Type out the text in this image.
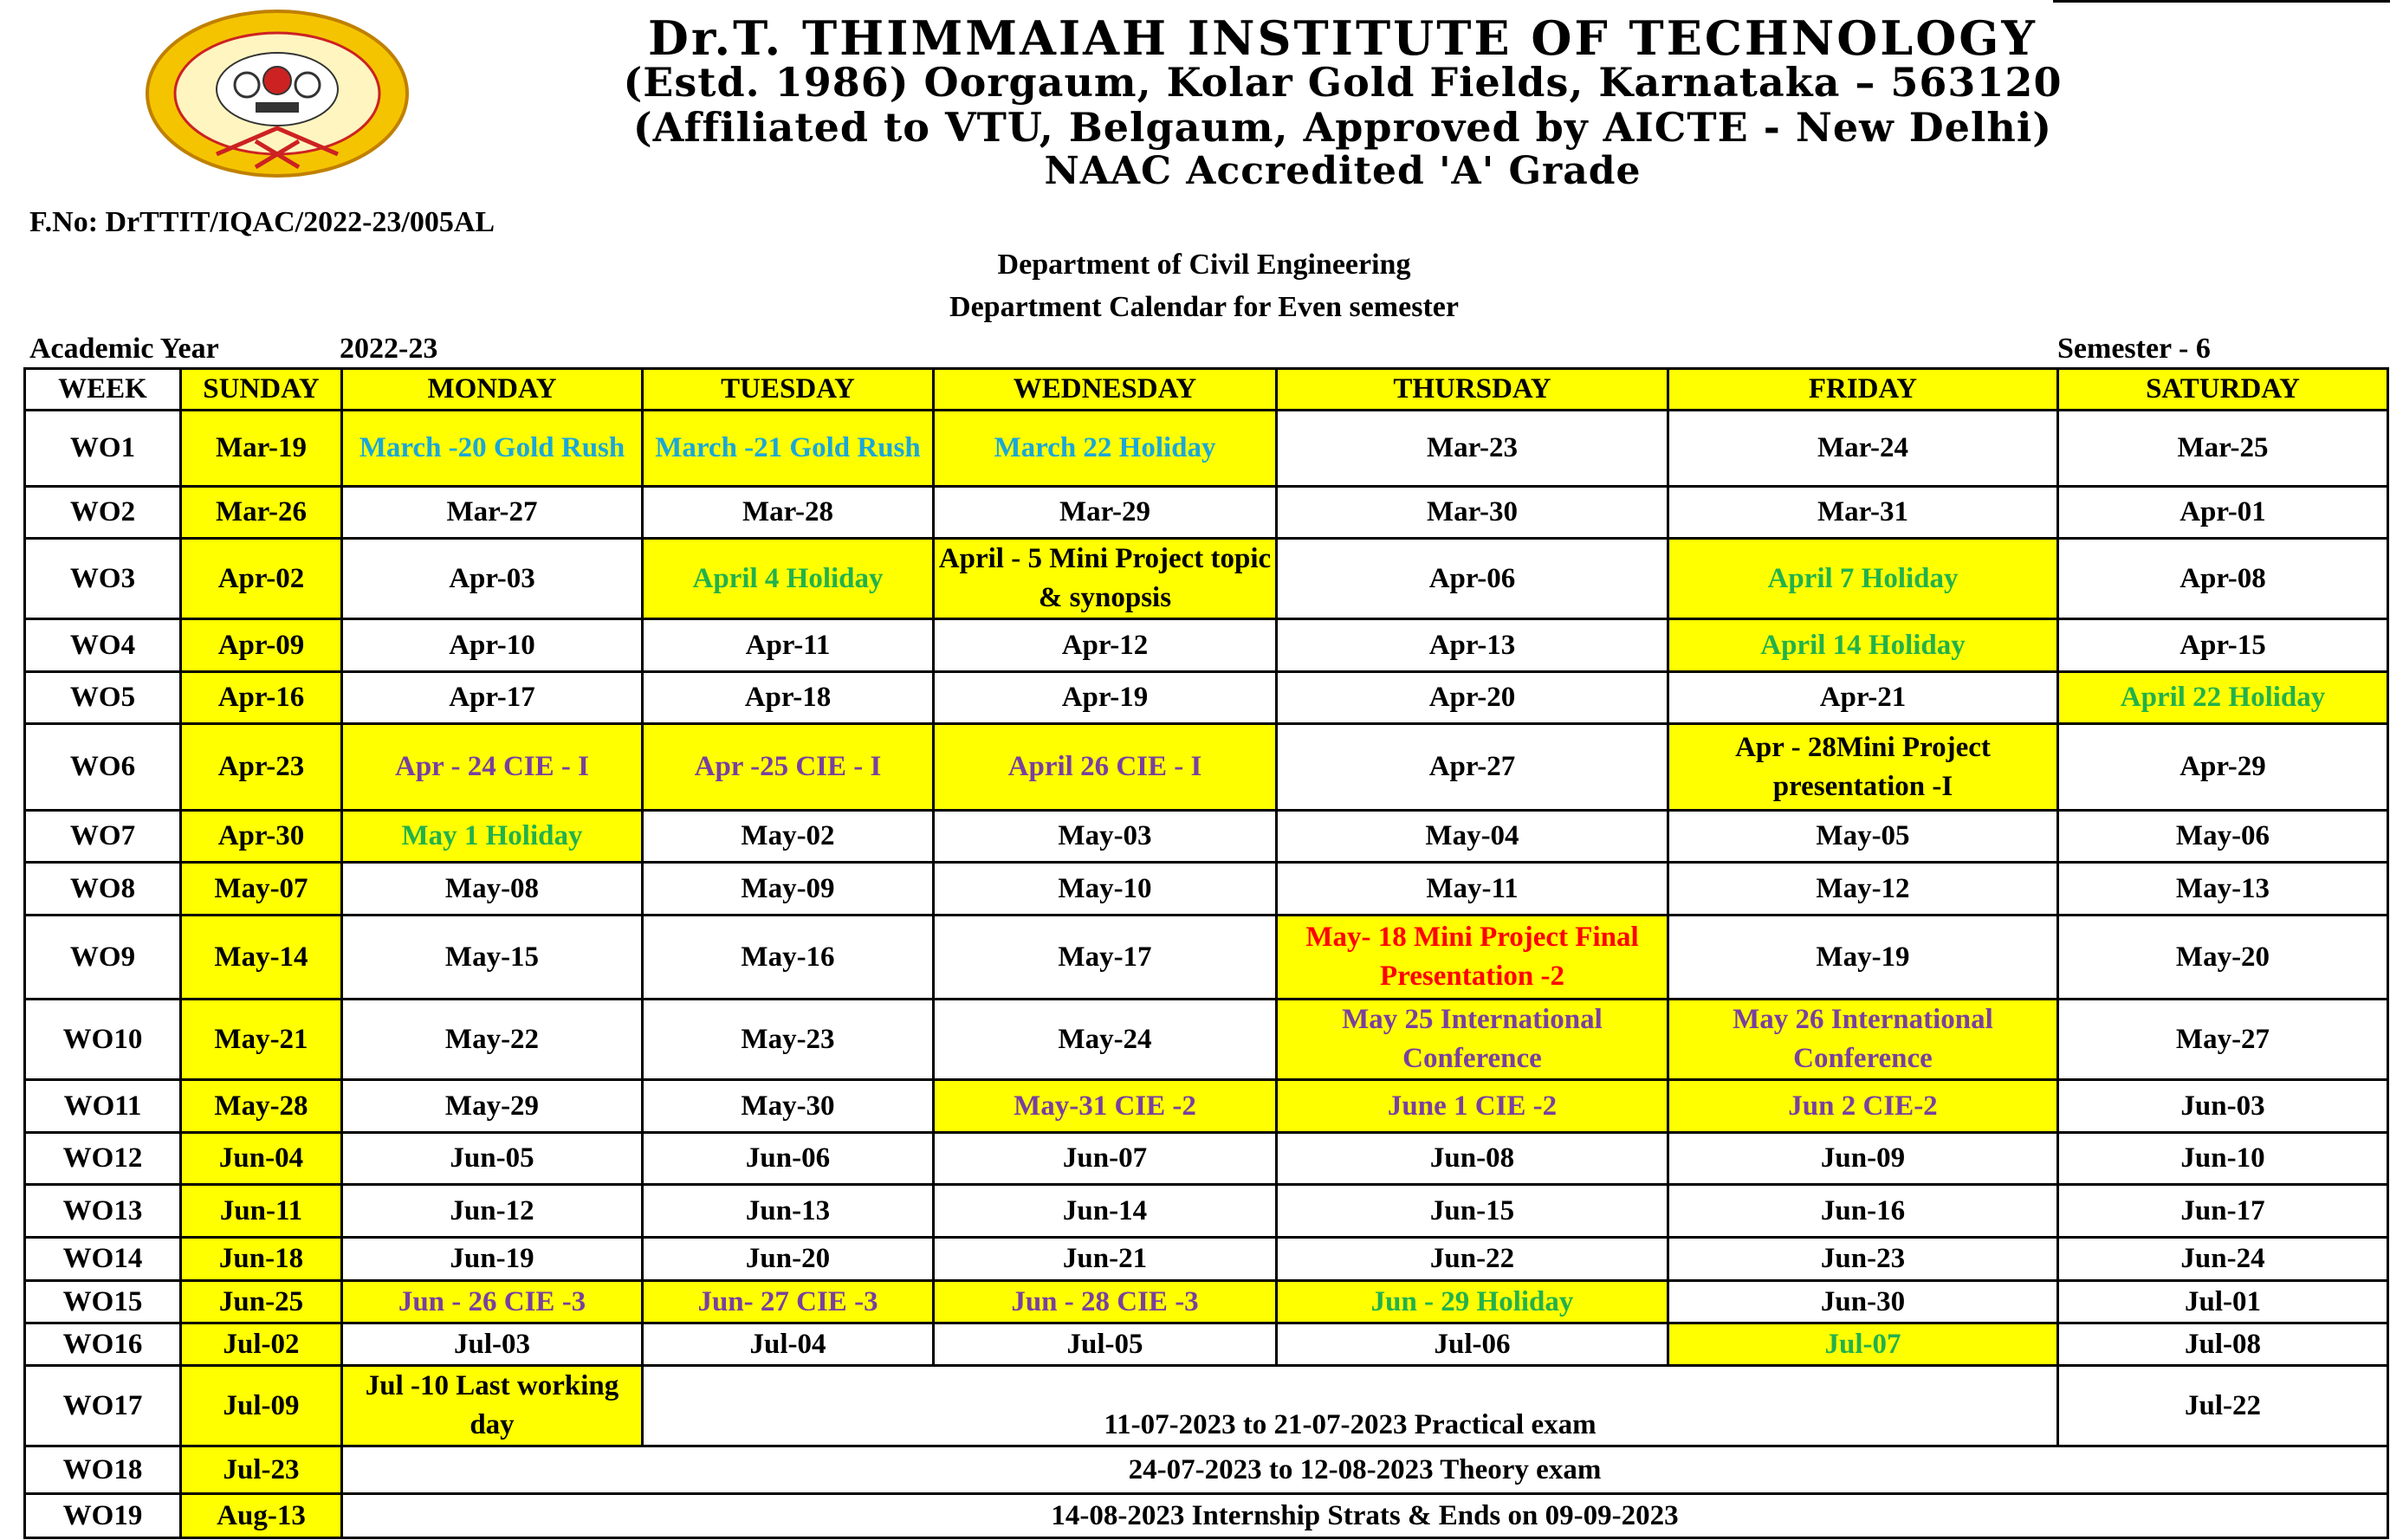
Dr.T. THIMMAIAH INSTITUTE OF TECHNOLOGY
(Estd. 1986) Oorgaum, Kolar Gold Fields, Karnataka – 563120
(Affiliated to VTU, Belgaum, Approved by AICTE - New Delhi)
NAAC Accredited 'A' Grade
F.No: DrTTIT/IQAC/2022-23/005AL
Department of Civil Engineering
Department Calendar for Even semester
Academic Year	2022-23	Semester - 6
WEEK	SUNDAY	MONDAY	TUESDAY	WEDNESDAY	THURSDAY	FRIDAY	SATURDAY
WO1	Mar-19	March -20 Gold Rush	March -21 Gold Rush	March 22 Holiday	Mar-23	Mar-24	Mar-25
WO2	Mar-26	Mar-27	Mar-28	Mar-29	Mar-30	Mar-31	Apr-01
WO3	Apr-02	Apr-03	April 4 Holiday	April - 5 Mini Project topic & synopsis	Apr-06	April 7 Holiday	Apr-08
WO4	Apr-09	Apr-10	Apr-11	Apr-12	Apr-13	April 14 Holiday	Apr-15
WO5	Apr-16	Apr-17	Apr-18	Apr-19	Apr-20	Apr-21	April 22 Holiday
WO6	Apr-23	Apr - 24 CIE - I	Apr -25 CIE - I	April 26 CIE - I	Apr-27	Apr - 28Mini Project presentation -I	Apr-29
WO7	Apr-30	May 1 Holiday	May-02	May-03	May-04	May-05	May-06
WO8	May-07	May-08	May-09	May-10	May-11	May-12	May-13
WO9	May-14	May-15	May-16	May-17	May- 18 Mini Project Final Presentation -2	May-19	May-20
WO10	May-21	May-22	May-23	May-24	May 25 International Conference	May 26 International Conference	May-27
WO11	May-28	May-29	May-30	May-31 CIE -2	June 1 CIE -2	Jun 2 CIE-2	Jun-03
WO12	Jun-04	Jun-05	Jun-06	Jun-07	Jun-08	Jun-09	Jun-10
WO13	Jun-11	Jun-12	Jun-13	Jun-14	Jun-15	Jun-16	Jun-17
WO14	Jun-18	Jun-19	Jun-20	Jun-21	Jun-22	Jun-23	Jun-24
WO15	Jun-25	Jun - 26 CIE -3	Jun- 27 CIE -3	Jun - 28 CIE -3	Jun - 29 Holiday	Jun-30	Jul-01
WO16	Jul-02	Jul-03	Jul-04	Jul-05	Jul-06	Jul-07	Jul-08
WO17	Jul-09	Jul -10 Last working day	11-07-2023 to 21-07-2023 Practical exam				Jul-22
WO18	Jul-23	24-07-2023 to 12-08-2023 Theory exam					
WO19	Aug-13	14-08-2023 Internship Strats & Ends on 09-09-2023					
